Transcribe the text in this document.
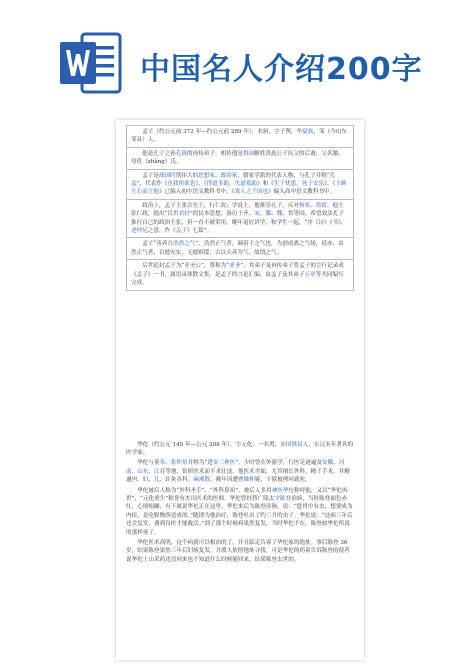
中国名人介绍200字

孟子（约公元前 372 年—约公元前 289 年），名轲，字子舆，华夏族，邹（今山东邹县）人。

他是孔子之孙孔伋的再传弟子。相传他是鲁国姬姓贵族公子庆父的后裔，父名激，母仉（zhǎng）氏。

孟子是战国时期伟大的思想家、政治家，儒家学派的代表人物，与孔子并称“孔孟”，代表作《鱼我所欲也》、《得道多助，失道寡助》和《生于忧患，死于安乐》、《王顾左右而言他》已编入初中语文教科书中，《寡人之于国也》编入高中语文教科书中。

政治上，孟子主张法先王，行仁政；学说上，他推崇孔子，反对杨朱、墨翟。他主张仁政，提出“民贵君轻”的民本思想，游历于齐、宋、滕、魏、鲁等国，希望效法孔子推行自己的政治主张，但一直不被采用。晚年退居讲学，和学生一起，“序《诗》《书》，述仲尼之意，作《孟子》七篇”。

孟子“善养吾浩然之气”。浩然正气者，调着于之气也，为创成离之气场，说亦，由然正气者，以德充实，无德则馁，古以天养为气，故谓之气。

后世追封孟子为“亚圣公”，尊称为“亚圣”，其弟子及再传弟子将孟子的言行记录成《孟子》一书，属语录体散文集，是孟子的言论汇编，由孟子及其弟子万章等共同编写完成。

华佗（约公元 145 年—公元 208 年），字元化，一名旉，沛国谯县人，东汉末年著名的医学家。

华佗与董奉、张仲景并称为“建安三神医”。少时曾在外游学，行医足迹遍及安徽、河南、山东、江苏等地，钻研医术而不求仕途。他医术全面，尤其擅长外科，精于手术，并精通内、妇、儿、针灸各科。麻沸散，晚年因遭曹操怀疑，下狱被拷问致死。

华佗被后人称为“外科圣手”、“外科鼻祖”。被后人多用神医华佗称呼他，又以“华佗再世”、“元化重生”称誉有杰出医术的医师。华佗曾经替广陵太守陈登治病，当时陈登面色赤红，心情烦躁，有下属说华佗正在这里，华佗来后为陈登诊脉，说：“您胃中有虫，想要成为内疽，是吃腥物所造成的。”随即为他治疗，陈登吐出了约三升的虫子。华佗说：“这病三年后还会复发，遇到良医才能救活。”到了那个时候病果然复发，当时华佗不在，陈登如华佗所说的那样死了。

华佗医术高明，这个病就可以根治的了，并且临走告诉了华佗家的地址。事后陈登 36 岁，结果陈登果然三年后旧病复发，并派人依照地址寻找，可是华佗的药童告诉陈登的使者说华佗上山采药还没回来也不知道什么时候能回来，结果陈登去世的。
